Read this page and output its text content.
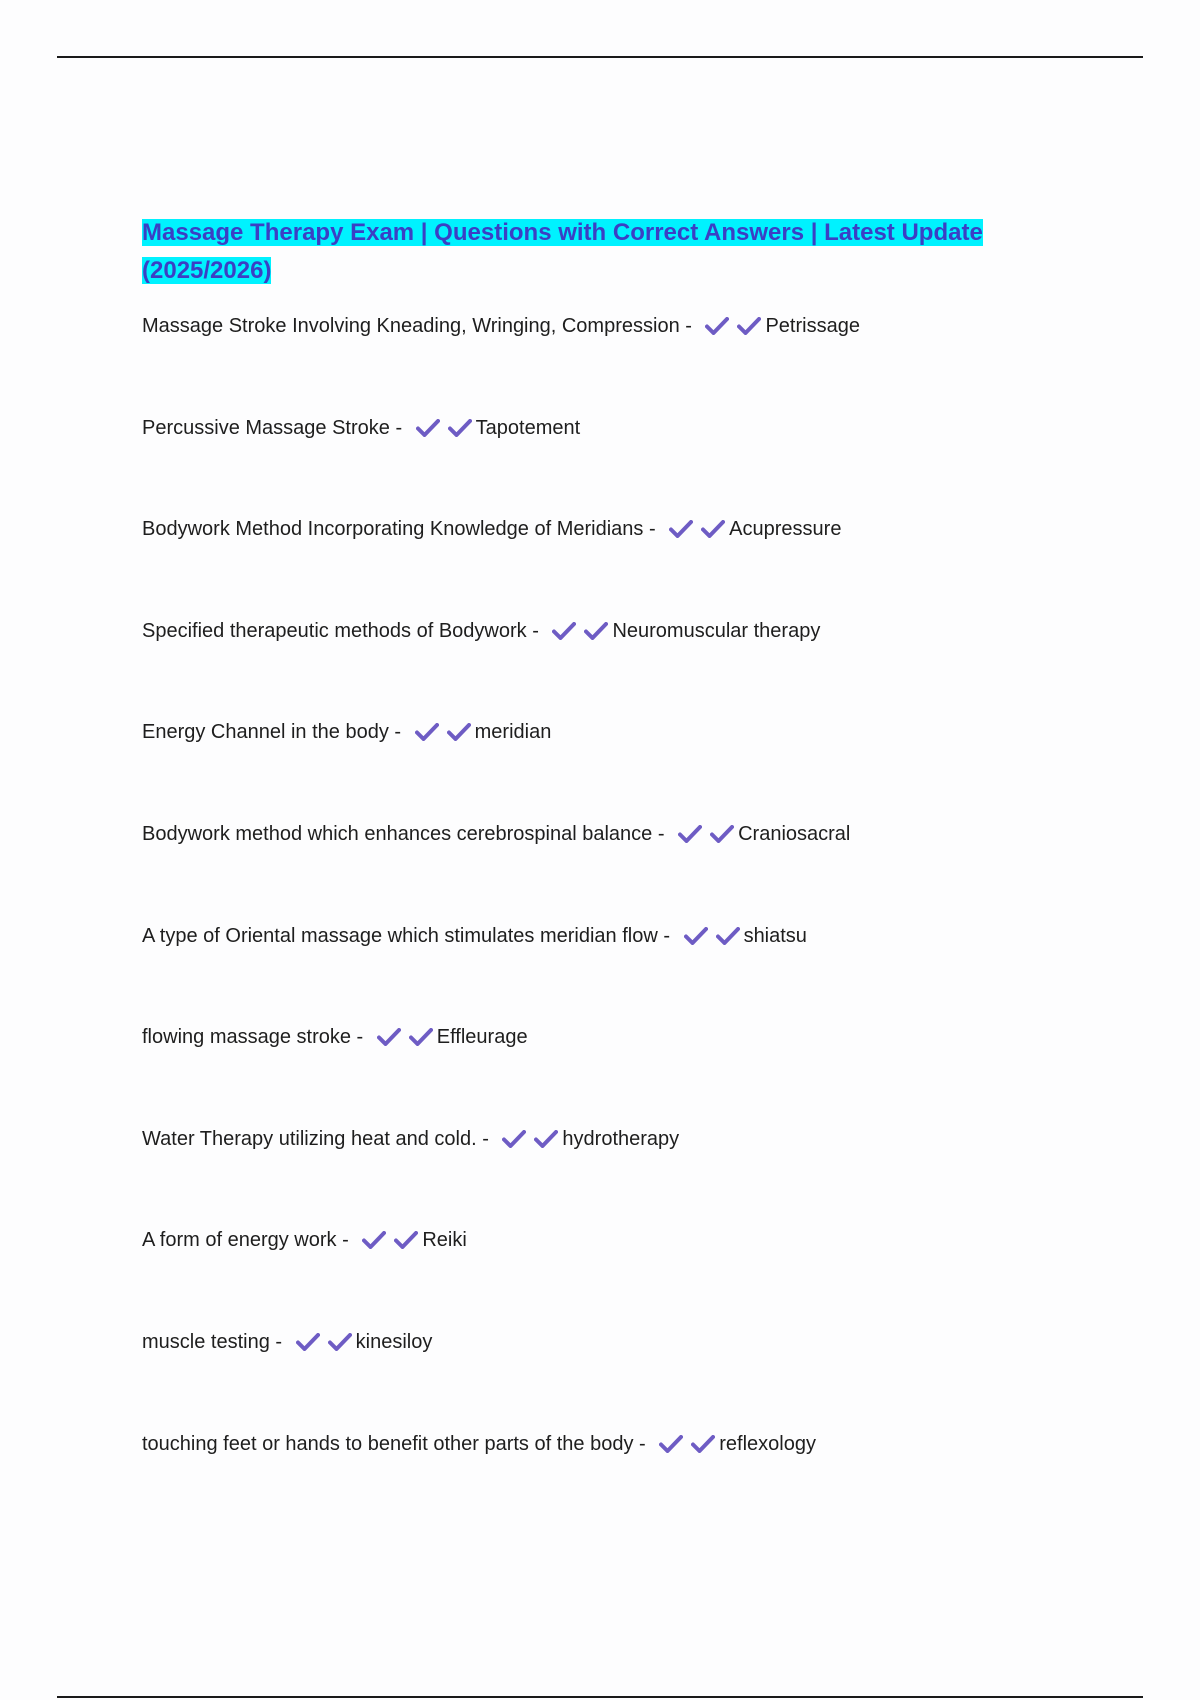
Massage Therapy Exam | Questions with Correct Answers | Latest Update
(2025/2026)
Massage Stroke Involving Kneading, Wringing, Compression -	Petrissage
Percussive Massage Stroke -	Tapotement
Bodywork Method Incorporating Knowledge of Meridians -	Acupressure
Specified therapeutic methods of Bodywork -	Neuromuscular therapy
Energy Channel in the body -	meridian
Bodywork method which enhances cerebrospinal balance -	Craniosacral
A type of Oriental massage which stimulates meridian flow -	shiatsu
flowing massage stroke -	Effleurage
Water Therapy utilizing heat and cold. -	hydrotherapy
A form of energy work -	Reiki
muscle testing -	kinesiloy
touching feet or hands to benefit other parts of the body -	reflexology
